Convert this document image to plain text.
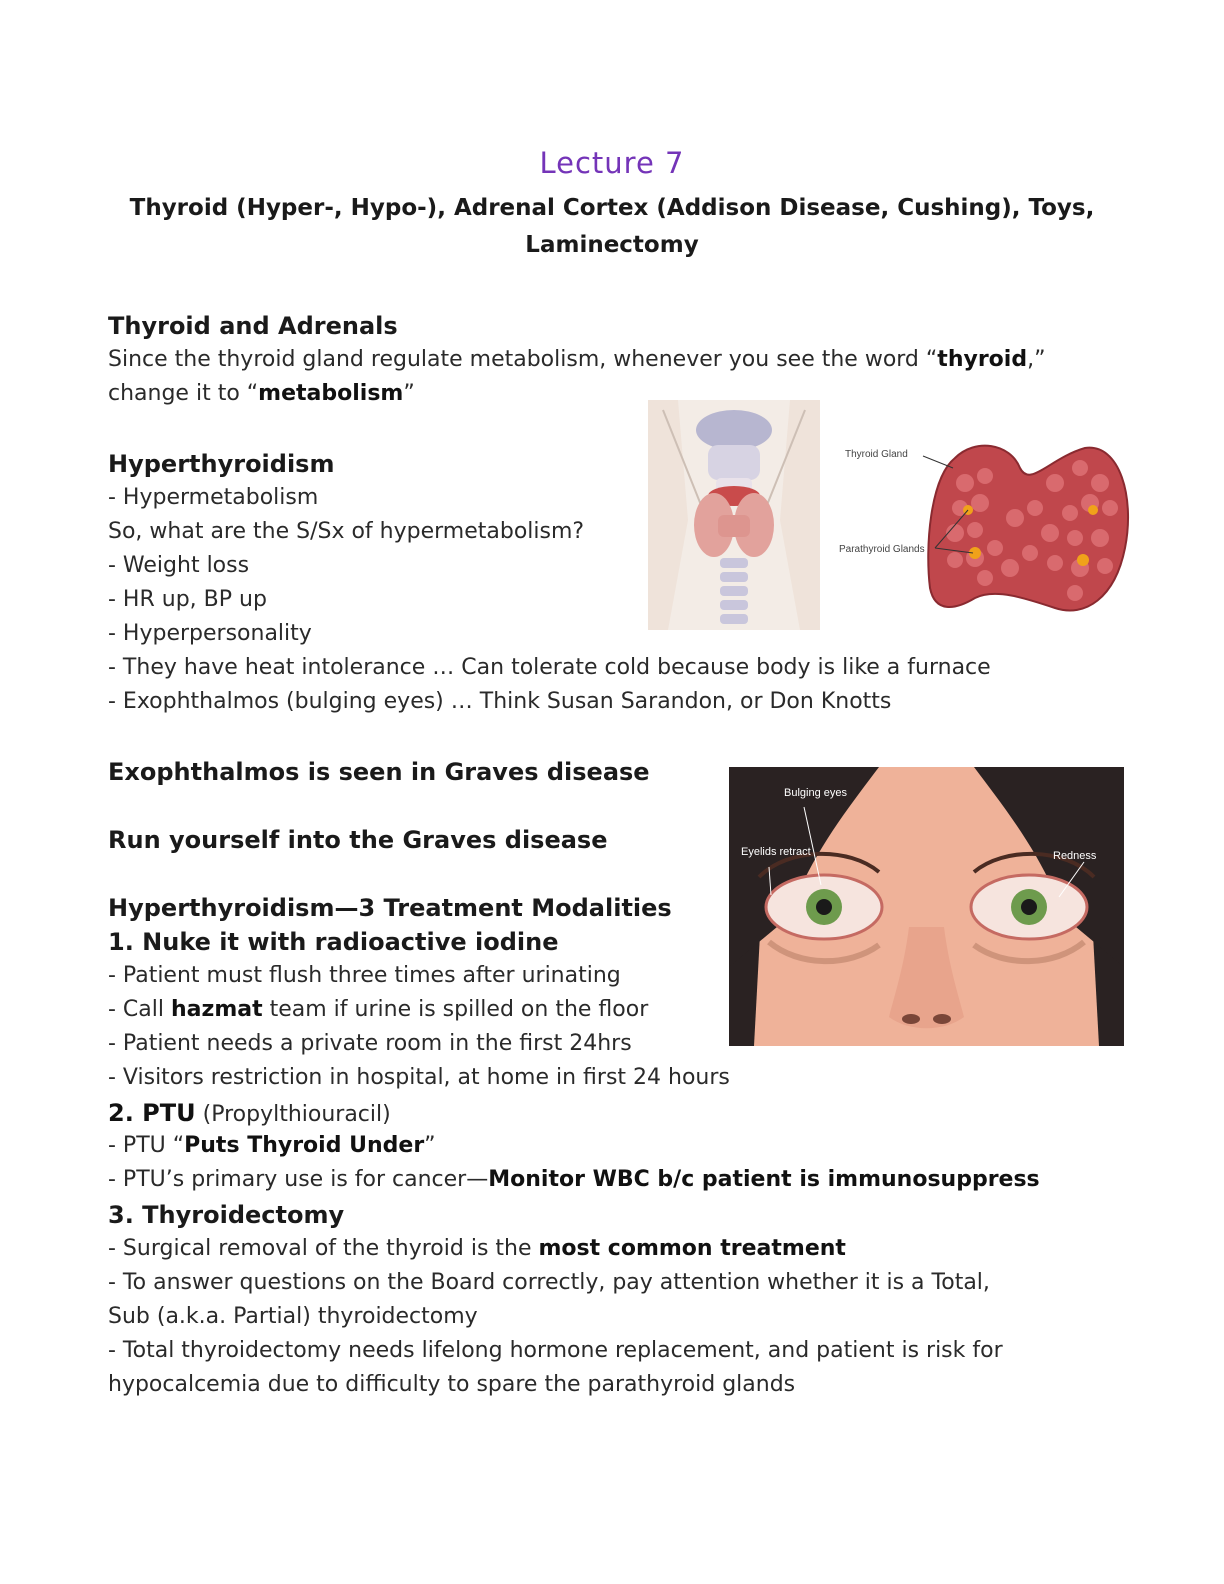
Lecture 7
Thyroid (Hyper-, Hypo-), Adrenal Cortex (Addison Disease, Cushing), Toys, Laminectomy
Thyroid and Adrenals
Since the thyroid gland regulate metabolism, whenever you see the word “thyroid,”
change it to “metabolism”
Hyperthyroidism
- Hypermetabolism
So, what are the S/Sx of hypermetabolism?
- Weight loss
- HR up, BP up
- Hyperpersonality
- They have heat intolerance … Can tolerate cold because body is like a furnace
- Exophthalmos (bulging eyes) … Think Susan Sarandon, or Don Knotts
Thyroid Gland
Parathyroid Glands
Exophthalmos is seen in Graves disease
Run yourself into the Graves disease
Bulging eyes
Eyelids retract	Redness
Hyperthyroidism—3 Treatment Modalities
1. Nuke it with radioactive iodine
- Patient must flush three times after urinating
- Call hazmat team if urine is spilled on the floor
- Patient needs a private room in the first 24hrs
- Visitors restriction in hospital, at home in first 24 hours
2. PTU (Propylthiouracil)
- PTU “Puts Thyroid Under”
- PTU’s primary use is for cancer—Monitor WBC b/c patient is immunosuppress
3. Thyroidectomy
- Surgical removal of the thyroid is the most common treatment
- To answer questions on the Board correctly, pay attention whether it is a Total,
Sub (a.k.a. Partial) thyroidectomy
- Total thyroidectomy needs lifelong hormone replacement, and patient is risk for
hypocalcemia due to difficulty to spare the parathyroid glands
